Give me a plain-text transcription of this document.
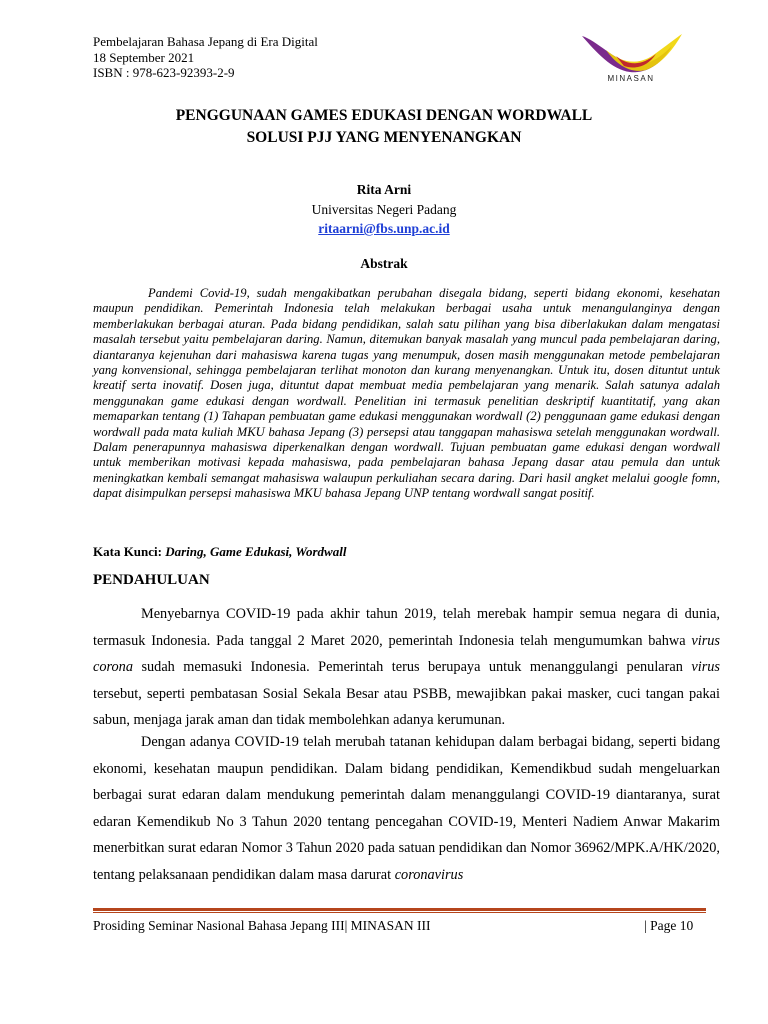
Pembelajaran Bahasa Jepang di Era Digital
18 September 2021
ISBN : 978-623-92393-2-9	MINASAN
PENGGUNAAN GAMES EDUKASI DENGAN WORDWALL
SOLUSI PJJ YANG MENYENANGKAN
Rita Arni
Universitas Negeri Padang
ritaarni@fbs.unp.ac.id
Abstrak
Pandemi Covid-19, sudah mengakibatkan perubahan disegala bidang, seperti bidang ekonomi, kesehatan maupun pendidikan. Pemerintah Indonesia telah melakukan berbagai usaha untuk menangulanginya dengan memberlakukan berbagai aturan. Pada bidang pendidikan, salah satu pilihan yang bisa diberlakukan dalam mengatasi masalah tersebut yaitu pembelajaran daring. Namun, ditemukan banyak masalah yang muncul pada pembelajaran daring, diantaranya kejenuhan dari mahasiswa karena tugas yang menumpuk, dosen masih menggunakan metode pembelajaran yang konvensional, sehingga pembelajaran terlihat monoton dan kurang menyenangkan. Untuk itu, dosen dituntut untuk kreatif serta inovatif. Dosen juga, dituntut dapat membuat media pembelajaran yang menarik. Salah satunya adalah menggunakan game edukasi dengan wordwall. Penelitian ini termasuk penelitian deskriptif kuantitatif, yang akan memaparkan tentang (1) Tahapan pembuatan game edukasi menggunakan wordwall (2) penggunaan game edukasi dengan wordwall pada mata kuliah MKU bahasa Jepang (3) persepsi atau tanggapan mahasiswa setelah menggunakan wordwall. Dalam penerapunnya mahasiswa diperkenalkan dengan wordwall. Tujuan pembuatan game edukasi dengan wordwall untuk memberikan motivasi kepada mahasiswa, pada pembelajaran bahasa Jepang dasar atau pemula dan untuk meningkatkan kembali semangat mahasiswa walaupun perkuliahan secara daring. Dari hasil angket melalui google fomn, dapat disimpulkan persepsi mahasiswa MKU bahasa Jepang UNP tentang wordwall sangat positif.
Kata Kunci: Daring, Game Edukasi, Wordwall
PENDAHULUAN

Menyebarnya COVID-19 pada akhir tahun 2019, telah merebak hampir semua negara di dunia, termasuk Indonesia. Pada tanggal 2 Maret 2020, pemerintah Indonesia telah mengumumkan bahwa virus corona sudah memasuki Indonesia. Pemerintah terus berupaya untuk menanggulangi penularan virus tersebut, seperti pembatasan Sosial Sekala Besar atau PSBB, mewajibkan pakai masker, cuci tangan pakai sabun, menjaga jarak aman dan tidak membolehkan adanya kerumunan.

Dengan adanya COVID-19 telah merubah tatanan kehidupan dalam berbagai bidang, seperti bidang ekonomi, kesehatan maupun pendidikan. Dalam bidang pendidikan, Kemendikbud sudah mengeluarkan berbagai surat edaran dalam mendukung pemerintah dalam menanggulangi COVID-19 diantaranya, surat edaran Kemendikub No 3 Tahun 2020 tentang pencegahan COVID-19, Menteri Nadiem Anwar Makarim menerbitkan surat edaran Nomor 3 Tahun 2020 pada satuan pendidikan dan Nomor 36962/MPK.A/HK/2020, tentang pelaksanaan pendidikan dalam masa darurat coronavirus

Prosiding Seminar Nasional Bahasa Jepang III| MINASAN III	| Page 10
